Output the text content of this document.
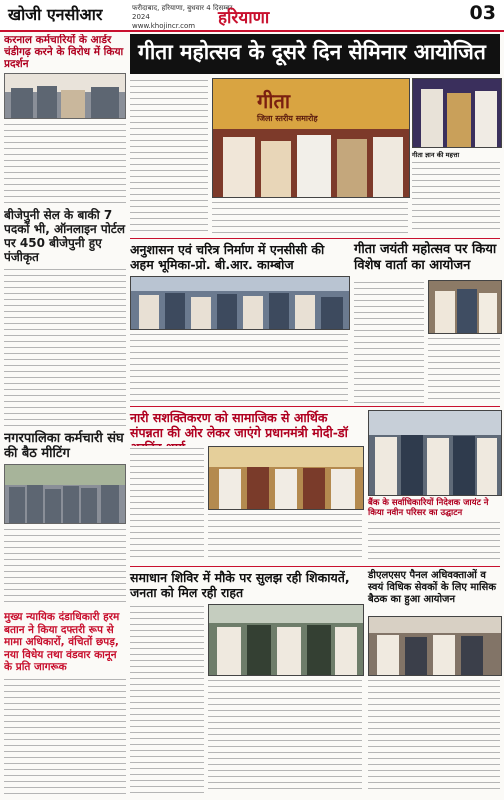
खोजी एनसीआर	फरीदाबाद, हरियाणा, बुधवार 4 दिसम्बर 2024
www.khojincr.com	हरियाणा	03
करनाल कर्मचारियों के आर्डर चंडीगढ़ करने के विरोध में किया प्रदर्शन
बीजेपुनी सेल के बाकी 7 पदकों भी, ऑनलाइन पोर्टल पर 450 बीजेपुनी हुए पंजीकृत
नगरपालिका कर्मचारी संघ की बैठ मीटिंग
मुख्य न्यायिक दंडाधिकारी हरम बतान ने किया दफ्तरी रूप से मामा अधिकारों, वंचितों छपड़, नया विधेय तथा वंडवार कानून के प्रति जागरूक
गीता महोत्सव के दूसरे दिन सेमिनार आयोजित
गीता
जिला स्तरीय समारोह
गीता ज्ञान की महत्ता
अनुशासन एवं चरित्र निर्माण में एनसीसी की अहम भूमिका-प्रो. बी.आर. काम्बोज
गीता जयंती महोत्सव पर किया विशेष वार्ता का आयोजन
नारी सशक्तिकरण को सामाजिक से आर्थिक संपन्नता की ओर लेकर जाएंगे प्रधानमंत्री मोदी-डॉ
बैंक के सर्वाधिकारियों निदेशक जायंट ने किया नवीन परिसर का उद्घाटन
समाधान शिविर में मौके पर सुलझ रही शिकायतें, जनता को मिल रही राहत
डीएलएसए पैनल अधिवक्ताओं व स्वयं विधिक सेवकों के लिए मासिक बैठक का हुआ आयोजन
